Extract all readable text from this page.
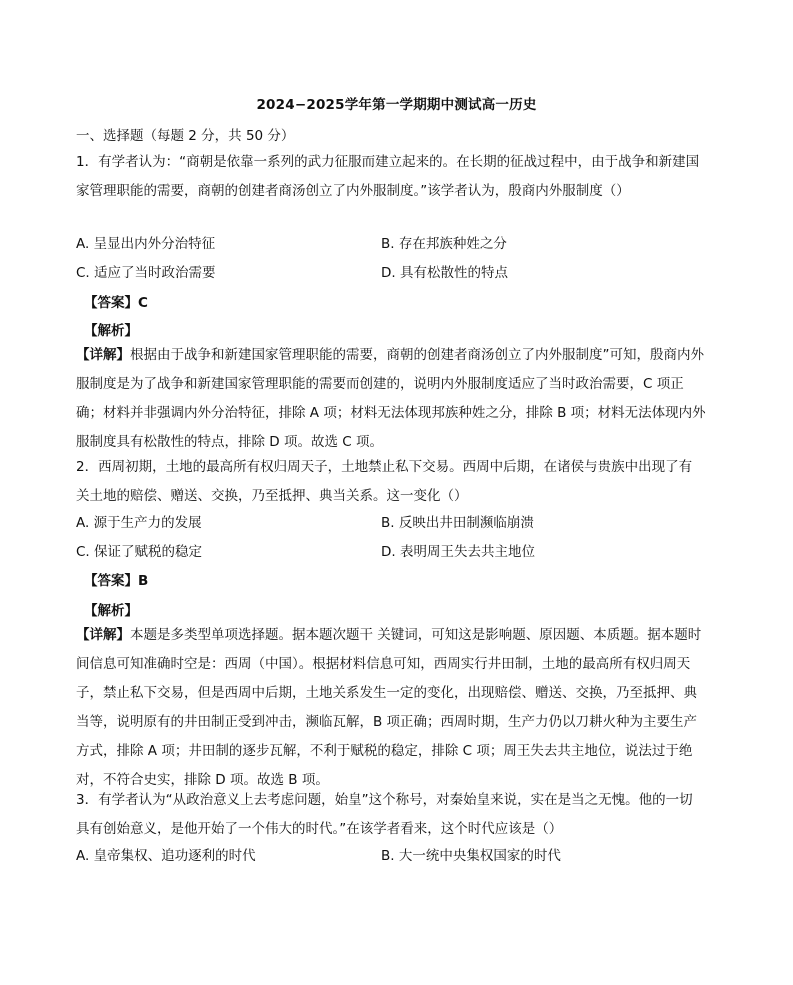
2024−2025学年第一学期期中测试高一历史
一、选择题（每题 2 分，共 50 分）
1．有学者认为：“商朝是依靠一系列的武力征服而建立起来的。在长期的征战过程中，由于战争和新建国家管理职能的需要，商朝的创建者商汤创立了内外服制度。”该学者认为，殷商内外服制度（）
A. 呈显出内外分治特征	B. 存在邦族种姓之分
C. 适应了当时政治需要	D. 具有松散性的特点
【答案】C
【解析】
【详解】根据由于战争和新建国家管理职能的需要，商朝的创建者商汤创立了内外服制度”可知，殷商内外服制度是为了战争和新建国家管理职能的需要而创建的，说明内外服制度适应了当时政治需要，C 项正确；材料并非强调内外分治特征，排除 A 项；材料无法体现邦族种姓之分，排除 B 项；材料无法体现内外服制度具有松散性的特点，排除 D 项。故选 C 项。
2．西周初期，土地的最高所有权归周天子，土地禁止私下交易。西周中后期，在诸侯与贵族中出现了有关土地的赔偿、赠送、交换，乃至抵押、典当关系。这一变化（）
A. 源于生产力的发展	B. 反映出井田制濒临崩溃
C. 保证了赋税的稳定	D. 表明周王失去共主地位
【答案】B
【解析】
【详解】本题是多类型单项选择题。据本题次题干 关键词，可知这是影响题、原因题、本质题。据本题时间信息可知准确时空是：西周（中国）。根据材料信息可知，西周实行井田制，土地的最高所有权归周天子，禁止私下交易，但是西周中后期，土地关系发生一定的变化，出现赔偿、赠送、交换，乃至抵押、典当等，说明原有的井田制正受到冲击，濒临瓦解，B 项正确；西周时期，生产力仍以刀耕火种为主要生产方式，排除 A 项；井田制的逐步瓦解，不利于赋税的稳定，排除 C 项；周王失去共主地位，说法过于绝对，不符合史实，排除 D 项。故选 B 项。
3．有学者认为“从政治意义上去考虑问题，始皇”这个称号，对秦始皇来说，实在是当之无愧。他的一切具有创始意义，是他开始了一个伟大的时代。”在该学者看来，这个时代应该是（）
A. 皇帝集权、追功逐利的时代	B. 大一统中央集权国家的时代
